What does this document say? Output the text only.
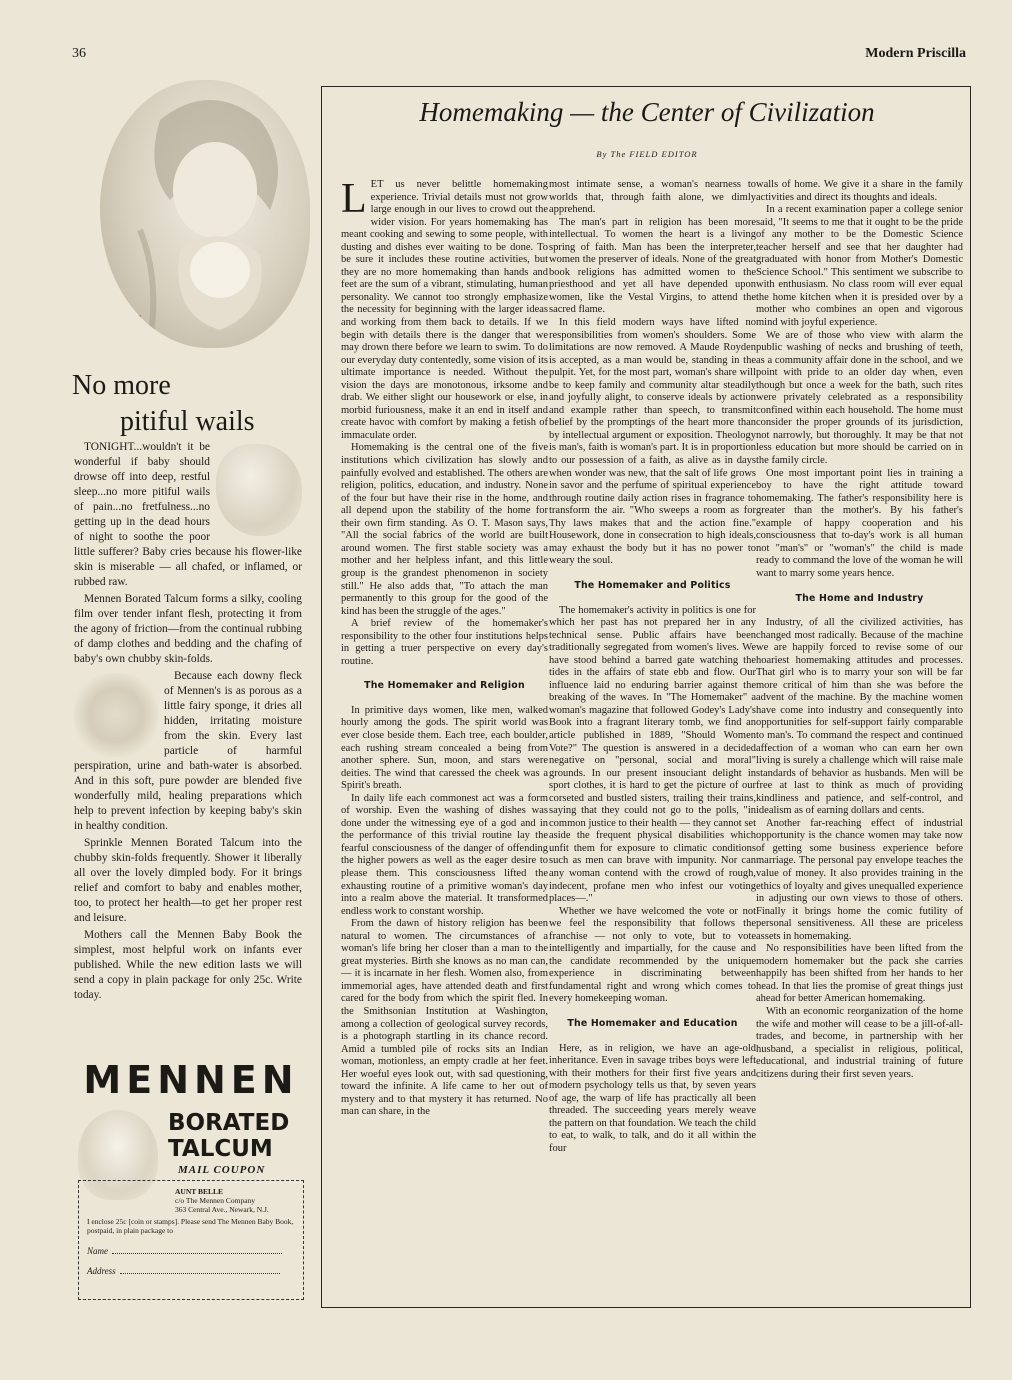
36	Modern Priscilla
Annie Benson Müller
No more
pitiful wails

TONIGHT...wouldn't it be wonderful if baby should drowse off into deep, restful sleep...no more pitiful wails of pain...no fretfulness...no getting up in the dead hours of night to soothe the poor little sufferer? Baby cries because his flower-like skin is miserable — all chafed, or inflamed, or rubbed raw.

Mennen Borated Talcum forms a silky, cooling film over tender infant flesh, protecting it from the agony of friction—from the continual rubbing of damp clothes and bedding and the chafing of baby's own chubby skin-folds.

Because each downy fleck of Mennen's is as porous as a little fairy sponge, it dries all hidden, irritating moisture from the skin. Every last particle of harmful perspiration, urine and bath-water is absorbed. And in this soft, pure powder are blended five wonderfully mild, healing preparations which help to prevent infection by keeping baby's skin in healthy condition.

Sprinkle Mennen Borated Talcum into the chubby skin-folds frequently. Shower it liberally all over the lovely dimpled body. For it brings relief and comfort to baby and enables mother, too, to protect her health—to get her proper rest and leisure.

Mothers call the Mennen Baby Book the simplest, most helpful work on infants ever published. While the new edition lasts we will send a copy in plain package for only 25c. Write today.

MENNEN
BORATED
TALCUM
MAIL COUPON
AUNT BELLE
c/o The Mennen Company
363 Central Ave., Newark, N.J.
I enclose 25c [coin or stamps]. Please send The Mennen Baby Book, postpaid, in plain package to
Name
Address
Homemaking — the Center of Civilization
By The FIELD EDITOR
L ET us never belittle homemaking experience. Trivial details must not grow large enough in our lives to crowd out the wider vision. For years homemaking has meant cooking and sewing to some people, with dusting and dishes ever waiting to be done. To be sure it includes these routine activities, but they are no more homemaking than hands and feet are the sum of a vibrant, stimulating, human personality. We cannot too strongly emphasize the necessity for beginning with the larger ideas and working from them back to details. If we begin with details there is the danger that we may drown there before we learn to swim. To do our everyday duty contentedly, some vision of its ultimate importance is needed. Without the vision the days are monotonous, irksome and drab. We either slight our housework or else, in morbid furiousness, make it an end in itself and create havoc with comfort by making a fetish of immaculate order.

Homemaking is the central one of the five institutions which civilization has slowly and painfully evolved and established. The others are religion, politics, education, and industry. None of the four but have their rise in the home, and all depend upon the stability of the home for their own firm standing. As O. T. Mason says, "All the social fabrics of the world are built around women. The first stable society was a mother and her helpless infant, and this little group is the grandest phenomenon in society still." He also adds that, "To attach the man permanently to this group for the good of the kind has been the struggle of the ages."

A brief review of the homemaker's responsibility to the other four institutions helps in getting a truer perspective on every day's routine.

The Homemaker and Religion

In primitive days women, like men, walked hourly among the gods. The spirit world was ever close beside them. Each tree, each boulder, each rushing stream concealed a being from another sphere. Sun, moon, and stars were deities. The wind that caressed the cheek was a Spirit's breath.

In daily life each commonest act was a form of worship. Even the washing of dishes was done under the witnessing eye of a god and in the performance of this trivial routine lay the fearful consciousness of the danger of offending the higher powers as well as the eager desire to please them. This consciousness lifted the exhausting routine of a primitive woman's day into a realm above the material. It transformed endless work to constant worship.

From the dawn of history religion has been natural to women. The circumstances of a woman's life bring her closer than a man to the great mysteries. Birth she knows as no man can, — it is incarnate in her flesh. Women also, from immemorial ages, have attended death and first cared for the body from which the spirit fled. In the Smithsonian Institution at Washington, among a collection of geological survey records, is a photograph startling in its chance record. Amid a tumbled pile of rocks sits an Indian woman, motionless, an empty cradle at her feet. Her woeful eyes look out, with sad questioning, toward the infinite. A life came to her out of mystery and to that mystery it has returned. No man can share, in the

most intimate sense, a woman's nearness to worlds that, through faith alone, we dimly apprehend.

The man's part in religion has been more intellectual. To women the heart is a living spring of faith. Man has been the interpreter, women the preserver of ideals. None of the great book religions has admitted women to the priesthood and yet all have depended upon women, like the Vestal Virgins, to attend the sacred flame.

In this field modern ways have lifted no responsibilities from women's shoulders. Some limitations are now removed. A Maude Royden is accepted, as a man would be, standing in the pulpit. Yet, for the most part, woman's share will be to keep family and community altar steadily and joyfully alight, to conserve ideals by action and example rather than speech, to transmit belief by the promptings of the heart more than by intellectual argument or exposition. Theology is man's, faith is woman's part. It is in proportion to our possession of a faith, as alive as in days when wonder was new, that the salt of life grows in savor and the perfume of spiritual experience through routine daily action rises in fragrance to transform the air. "Who sweeps a room as for Thy laws makes that and the action fine." Housework, done in consecration to high ideals, may exhaust the body but it has no power to weary the soul.

The Homemaker and Politics

The homemaker's activity in politics is one for which her past has not prepared her in any technical sense. Public affairs have been traditionally segregated from women's lives. We have stood behind a barred gate watching the tides in the affairs of state ebb and flow. Our influence laid no enduring barrier against the breaking of the waves. In "The Homemaker" a woman's magazine that followed Godey's Lady's Book into a fragrant literary tomb, we find an article published in 1889, "Should Women Vote?" The question is answered in a decided negative on "personal, social and moral" grounds. In our present insouciant delight in sport clothes, it is hard to get the picture of our corseted and bustled sisters, trailing their trains, saying that they could not go to the polls, "in common justice to their health — they cannot set aside the frequent physical disabilities which unfit them for exposure to climatic conditions such as men can brave with impunity. Nor can any woman contend with the crowd of rough, indecent, profane men who infest our voting places—."

Whether we have welcomed the vote or not we feel the responsibility that follows the franchise — not only to vote, but to vote intelligently and impartially, for the cause and the candidate recommended by the unique experience in discriminating between fundamental right and wrong which comes to every homekeeping woman.

The Homemaker and Education

Here, as in religion, we have an age-old inheritance. Even in savage tribes boys were left with their mothers for their first five years and modern psychology tells us that, by seven years of age, the warp of life has practically all been threaded. The succeeding years merely weave the pattern on that foundation. We teach the child to eat, to walk, to talk, and do it all within the four

walls of home. We give it a share in the family activities and direct its thoughts and ideals.

In a recent examination paper a college senior said, "It seems to me that it ought to be the pride of any mother to be the Domestic Science teacher herself and see that her daughter had graduated with honor from Mother's Domestic Science School." This sentiment we subscribe to with enthusiasm. No class room will ever equal the home kitchen when it is presided over by a mother who combines an open and vigorous mind with joyful experience.

We are of those who view with alarm the public washing of necks and brushing of teeth, as a community affair done in the school, and we point with pride to an older day when, even though but once a week for the bath, such rites were privately celebrated as a responsibility confined within each household. The home must consider the proper grounds of its jurisdiction, not narrowly, but thoroughly. It may be that not less education but more should be carried on in the family circle.

One most important point lies in training a boy to have the right attitude toward homemaking. The father's responsibility here is greater than the mother's. By his father's example of happy cooperation and his consciousness that to-day's work is all human not "man's" or "woman's" the child is made ready to command the love of the woman he will want to marry some years hence.

The Home and Industry

Industry, of all the civilized activities, has changed most radically. Because of the machine we are happily forced to revise some of our hoariest homemaking attitudes and processes. That girl who is to marry your son will be far more critical of him than she was before the advent of the machine. By the machine women have come into industry and consequently into opportunities for self-support fairly comparable to man's. To command the respect and continued affection of a woman who can earn her own living is surely a challenge which will raise male standards of behavior as husbands. Men will be free at last to think as much of providing kindliness and patience, and self-control, and idealism as of earning dollars and cents.

Another far-reaching effect of industrial opportunity is the chance women may take now of getting some business experience before marriage. The personal pay envelope teaches the value of money. It also provides training in the ethics of loyalty and gives unequalled experience in adjusting our own views to those of others. Finally it brings home the comic futility of personal sensitiveness. All these are priceless assets in homemaking.

No responsibilities have been lifted from the modern homemaker but the pack she carries happily has been shifted from her hands to her head. In that lies the promise of great things just ahead for better American homemaking.

With an economic reorganization of the home the wife and mother will cease to be a jill-of-all-trades, and become, in partnership with her husband, a specialist in religious, political, educational, and industrial training of future citizens during their first seven years.
